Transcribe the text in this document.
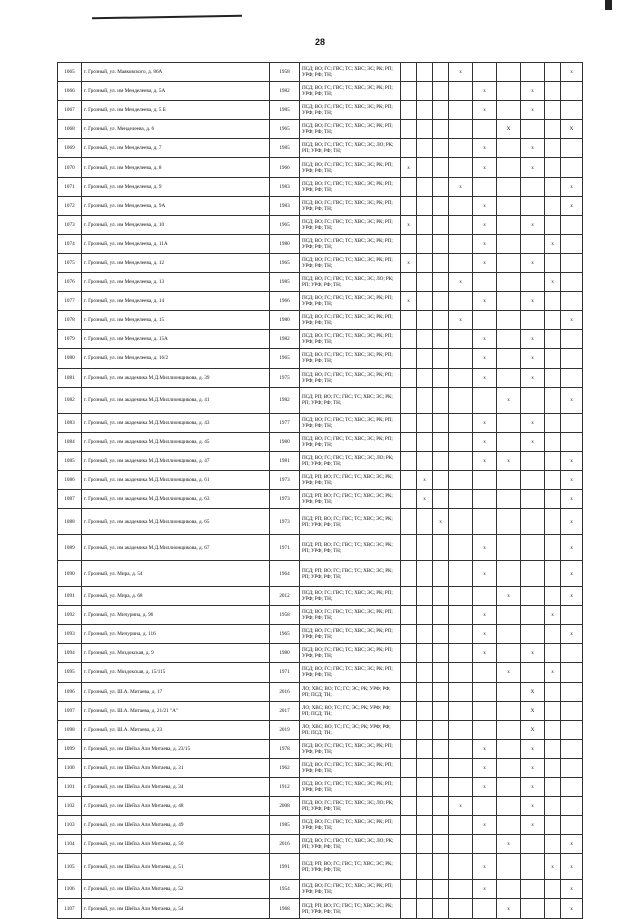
28
1065	г. Грозный, ул. Маяковского, д. 86А	1958	ПСД; ВО; ГС; ГВС; ТС; ХВС; ЭС; РК; РП; УРФ; РФ; ТН;				x					x
1066	г. Грозный, ул. им Менделеева, д. 5А	1982	ПСД; ВО; ГС; ГВС; ТС; ХВС; ЭС; РК; РП; УРФ; РФ; ТН;					x		x		
1067	г. Грозный, ул. им Менделеева, д. 5 Б	1985	ПСД; ВО; ГС; ГВС; ТС; ХВС; ЭС; РК; РП; УРФ; РФ; ТН;					x		x		
1068	г. Грозный, ул. Менделеева, д. 6	1965	ПСД; ВО; ГС; ГВС; ТС; ХВС; ЭС; РК; РП; УРФ; РФ; ТН;						X			X
1069	г. Грозный, ул. им Менделеева, д. 7	1985	ПСД; ВО; ГС; ГВС; ТС; ХВС; ЭС; ЛО; РК; РП; УРФ; РФ; ТН;					x		x		
1070	г. Грозный, ул. им Менделеева, д. 8	1966	ПСД; ВО; ГС; ГВС; ТС; ХВС; ЭС; РК; РП; УРФ; РФ; ТН;	x				x		x		
1071	г. Грозный, ул. им Менделеева, д. 9	1983	ПСД; ВО; ГС; ГВС; ТС; ХВС; ЭС; РК; РП; УРФ; РФ; ТН;				x					x
1072	г. Грозный, ул. им Менделеева, д. 9А	1983	ПСД; ВО; ГС; ГВС; ТС; ХВС; ЭС; РК; РП; УРФ; РФ; ТН;					x				x
1073	г. Грозный, ул. им Менделеева, д. 10	1965	ПСД; ВО; ГС; ГВС; ТС; ХВС; ЭС; РК; РП; УРФ; РФ; ТН;	x				x		x		
1074	г. Грозный, ул. им Менделеева, д. 11А	1980	ПСД; ВО; ГС; ГВС; ТС; ХВС; ЭС; РК; РП; УРФ; РФ; ТН;					x			x	
1075	г. Грозный, ул. им Менделеева, д. 12	1965	ПСД; ВО; ГС; ГВС; ТС; ХВС; ЭС; РК; РП; УРФ; РФ; ТН;	x				x		x		
1076	г. Грозный, ул. им Менделеева, д. 13	1985	ПСД; ВО; ГС; ГВС; ТС; ХВС; ЭС; ЛО; РК; РП; УРФ; РФ; ТН;				x				x	
1077	г. Грозный, ул. им Менделеева, д. 14	1966	ПСД; ВО; ГС; ГВС; ТС; ХВС; ЭС; РК; РП; УРФ; РФ; ТН;	x				x		x		
1078	г. Грозный, ул. им Менделеева, д. 15	1980	ПСД; ВО; ГС; ГВС; ТС; ХВС; ЭС; РК; РП; УРФ; РФ; ТН;				x					x
1079	г. Грозный, ул. им Менделеева, д. 15А	1982	ПСД; ВО; ГС; ГВС; ТС; ХВС; ЭС; РК; РП; УРФ; РФ; ТН;					x		x		
1080	г. Грозный, ул. им Менделеева, д. 16/2	1965	ПСД; ВО; ГС; ГВС; ТС; ХВС; ЭС; РК; РП; УРФ; РФ; ТН;					x		x		
1081	г. Грозный, ул. им академика М.Д.Миллионщикова, д. 39	1975	ПСД; ВО; ГС; ГВС; ТС; ХВС; ЭС; РК; РП; УРФ; РФ; ТН;					x		x		
1082	г. Грозный, ул. им академика М.Д.Миллионщикова, д. 41	1982	ПСД; РП; ВО; ГС; ГВС; ТС; ХВС; ЭС; РК; РП; УРФ; РФ; ТН;						x			x
1083	г. Грозный, ул. им академика М.Д.Миллионщикова, д. 43	1977	ПСД; ВО; ГС; ГВС; ТС; ХВС; ЭС; РК; РП; УРФ; РФ; ТН;					x		x		
1084	г. Грозный, ул. им академика М.Д.Миллионщикова, д. 45	1980	ПСД; ВО; ГС; ГВС; ТС; ХВС; ЭС; РК; РП; УРФ; РФ; ТН;					x		x		
1085	г. Грозный, ул. им академика М.Д.Миллионщикова, д. 47	1981	ПСД; ВО; ГС; ГВС; ТС; ХВС; ЭС; ЛО; РК; РП; УРФ; РФ; ТН;					x	x			x
1086	г. Грозный, ул. им академика М.Д.Миллионщикова, д. 61	1973	ПСД; РП; ВО; ГС; ГВС; ТС; ХВС; ЭС; РК; УРФ; РФ; ТН;		x							x
1087	г. Грозный, ул. им академика М.Д.Миллионщикова, д. 63	1973	ПСД; РП; ВО; ГС; ГВС; ТС; ХВС; ЭС; РК; УРФ; РФ; ТН;		x							x
1088	г. Грозный, ул. им академика М.Д.Миллионщикова, д. 65	1973	ПСД; РП; ВО; ГС; ГВС; ТС; ХВС; ЭС; РК; РП; УРФ; РФ; ТН;			x						x
1089	г. Грозный, ул. им академика М.Д.Миллионщикова, д. 67	1971	ПСД; РП; ВО; ГС; ГВС; ТС; ХВС; ЭС; РК; РП; УРФ; РФ; ТН;					x				x
1090	г. Грозный, ул. Мира, д. 54	1964	ПСД; РП; ВО; ГС; ГВС; ТС; ХВС; ЭС; РК; РП; УРФ; РФ; ТН;					x				x
1091	г. Грозный, ул. Мира, д. 68	2012	ПСД; ВО; ГС; ГВС; ТС; ХВС; ЭС; РК; РП; УРФ; РФ; ТН;						x			x
1092	г. Грозный, ул. Мичурина, д. 96	1958	ПСД; ВО; ГС; ГВС; ТС; ХВС; ЭС; РК; РП; УРФ; РФ; ТН;					x			x	
1093	г. Грозный, ул. Мичурина, д. 116	1965	ПСД; ВО; ГС; ГВС; ТС; ХВС; ЭС; РК; РП; УРФ; РФ; ТН;					x				x
1094	г. Грозный, ул. Моздокская, д. 9	1980	ПСД; ВО; ГС; ГВС; ТС; ХВС; ЭС; РК; РП; УРФ; РФ; ТН;					x		x		
1095	г. Грозный, ул. Моздокская, д. 15/115	1971	ПСД; ВО; ГС; ГВС; ТС; ХВС; ЭС; РК; РП; УРФ; РФ; ТН;						x		x	
1096	г. Грозный, ул. Ш.А. Митаева, д. 17	2016	ЛО; ХВС; ВО; ТС; ГС; ЭС; РК; УРФ; РФ; РП; ПСД; ТН;							X		
1097	г. Грозный, ул. Ш.А. Митаева, д. 21/21 "А"	2017	ЛО; ХВС; ВО; ТС; ГС; ЭС; РК; УРФ; РФ; РП; ПСД; ТН;							X		
1098	г. Грозный, ул. Ш.А. Митаева, д. 23	2019	ЛО; ХВС; ВО; ТС; ГС; ЭС; РК; УРФ; РФ; РП; ПСД; ТН;							X		
1099	г. Грозный, ул. им Шейха Али Митаева, д. 23/15	1978	ПСД; ВО; ГС; ГВС; ТС; ХВС; ЭС; РК; РП; УРФ; РФ; ТН;					x		x		
1100	г. Грозный, ул. им Шейха Али Митаева, д. 31	1962	ПСД; ВО; ГС; ГВС; ТС; ХВС; ЭС; РК; РП; УРФ; РФ; ТН;					x		x		
1101	г. Грозный, ул. им Шейха Али Митаева, д. 34	1912	ПСД; ВО; ГС; ГВС; ТС; ХВС; ЭС; РК; РП; УРФ; РФ; ТН;					x		x		
1102	г. Грозный, ул. им Шейха Али Митаева, д. 48	2008	ПСД; ВО; ГС; ГВС; ТС; ХВС; ЭС; ЛО; РК; РП; УРФ; РФ; ТН;				x			x		
1103	г. Грозный, ул. им Шейха Али Митаева, д. 49	1985	ПСД; ВО; ГС; ГВС; ТС; ХВС; ЭС; РК; РП; УРФ; РФ; ТН;					x		x		
1104	г. Грозный, ул. им Шейха Али Митаева, д. 50	2016	ПСД; ВО; ГС; ГВС; ТС; ХВС; ЭС; ЛО; РК; РП; УРФ; РФ; ТН;						x			x
1105	г. Грозный, ул. им Шейха Али Митаева, д. 51	1991	ПСД; РП; ВО; ГС; ГВС; ТС; ХВС; ЭС; РК; РП; УРФ; РФ; ТН;					x			x	x
1106	г. Грозный, ул. им Шейха Али Митаева, д. 52	1954	ПСД; ВО; ГС; ГВС; ТС; ХВС; ЭС; РК; РП; УРФ; РФ; ТН;					x				x
1107	г. Грозный, ул. им Шейха Али Митаева, д. 54	1968	ПСД; РП; ВО; ГС; ГВС; ТС; ХВС; ЭС; РК; РП; УРФ; РФ; ТН;						x			x
